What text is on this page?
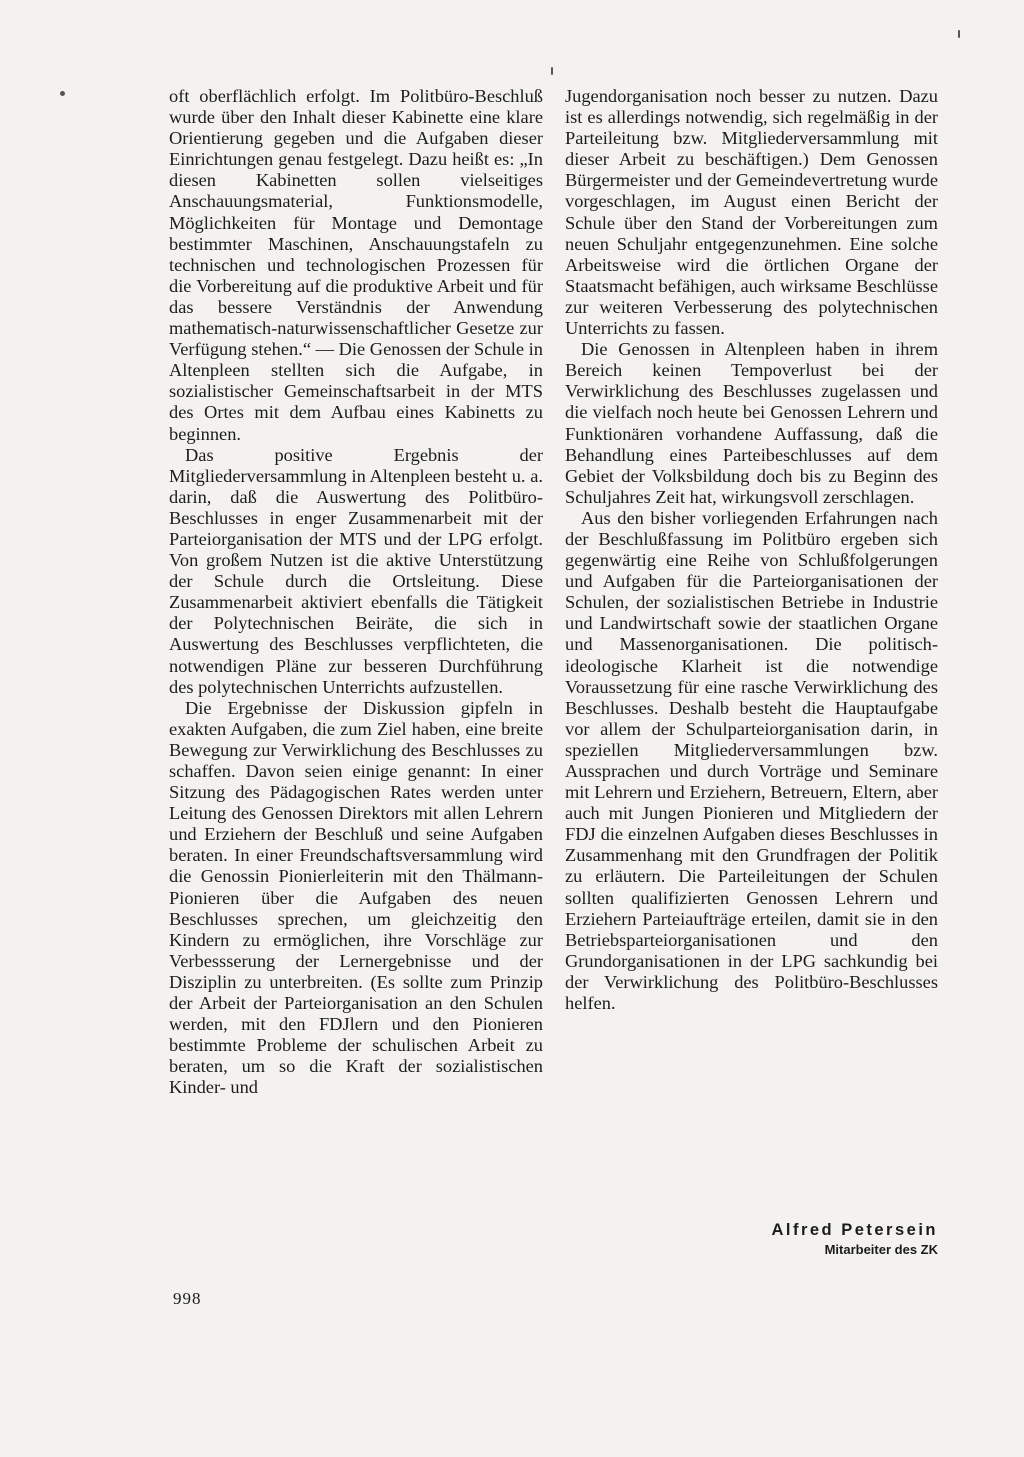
oft oberflächlich erfolgt. Im Politbüro-Beschluß wurde über den Inhalt dieser Kabinette eine klare Orientierung gegeben und die Aufgaben dieser Einrichtungen genau festgelegt. Dazu heißt es: „In diesen Kabinetten sollen vielseitiges Anschauungsmaterial, Funktionsmodelle, Möglichkeiten für Montage und Demontage bestimmter Maschinen, Anschauungstafeln zu technischen und technologischen Prozessen für die Vorbereitung auf die produktive Arbeit und für das bessere Verständnis der Anwendung mathematisch-naturwissenschaftlicher Gesetze zur Verfügung stehen.“ — Die Genossen der Schule in Altenpleen stellten sich die Aufgabe, in sozialistischer Gemeinschaftsarbeit in der MTS des Ortes mit dem Aufbau eines Kabinetts zu beginnen.

Das positive Ergebnis der Mitgliederversammlung in Altenpleen besteht u. a. darin, daß die Auswertung des Politbüro-Beschlusses in enger Zusammenarbeit mit der Parteiorganisation der MTS und der LPG erfolgt. Von großem Nutzen ist die aktive Unterstützung der Schule durch die Ortsleitung. Diese Zusammenarbeit aktiviert ebenfalls die Tätigkeit der Polytechnischen Beiräte, die sich in Auswertung des Beschlusses verpflichteten, die notwendigen Pläne zur besseren Durchführung des polytechnischen Unterrichts aufzustellen.

Die Ergebnisse der Diskussion gipfeln in exakten Aufgaben, die zum Ziel haben, eine breite Bewegung zur Verwirklichung des Beschlusses zu schaffen. Davon seien einige genannt: In einer Sitzung des Pädagogischen Rates werden unter Leitung des Genossen Direktors mit allen Lehrern und Erziehern der Beschluß und seine Aufgaben beraten. In einer Freundschaftsversammlung wird die Genossin Pionierleiterin mit den Thälmann-Pionieren über die Aufgaben des neuen Beschlusses sprechen, um gleichzeitig den Kindern zu ermöglichen, ihre Vorschläge zur Verbessserung der Lernergebnisse und der Disziplin zu unterbreiten. (Es sollte zum Prinzip der Arbeit der Parteiorganisation an den Schulen werden, mit den FDJlern und den Pionieren bestimmte Probleme der schulischen Arbeit zu beraten, um so die Kraft der sozialistischen Kinder- und

Jugendorganisation noch besser zu nutzen. Dazu ist es allerdings notwendig, sich regelmäßig in der Parteileitung bzw. Mitgliederversammlung mit dieser Arbeit zu beschäftigen.) Dem Genossen Bürgermeister und der Gemeindevertretung wurde vorgeschlagen, im August einen Bericht der Schule über den Stand der Vorbereitungen zum neuen Schuljahr entgegenzunehmen. Eine solche Arbeitsweise wird die örtlichen Organe der Staatsmacht befähigen, auch wirksame Beschlüsse zur weiteren Verbesserung des polytechnischen Unterrichts zu fassen.

Die Genossen in Altenpleen haben in ihrem Bereich keinen Tempoverlust bei der Verwirklichung des Beschlusses zugelassen und die vielfach noch heute bei Genossen Lehrern und Funktionären vorhandene Auffassung, daß die Behandlung eines Parteibeschlusses auf dem Gebiet der Volksbildung doch bis zu Beginn des Schuljahres Zeit hat, wirkungsvoll zerschlagen.

Aus den bisher vorliegenden Erfahrungen nach der Beschlußfassung im Politbüro ergeben sich gegenwärtig eine Reihe von Schlußfolgerungen und Aufgaben für die Parteiorganisationen der Schulen, der sozialistischen Betriebe in Industrie und Landwirtschaft sowie der staatlichen Organe und Massenorganisationen. Die politisch-ideologische Klarheit ist die notwendige Voraussetzung für eine rasche Verwirklichung des Beschlusses. Deshalb besteht die Hauptaufgabe vor allem der Schulparteiorganisation darin, in speziellen Mitgliederversammlungen bzw. Aussprachen und durch Vorträge und Seminare mit Lehrern und Erziehern, Betreuern, Eltern, aber auch mit Jungen Pionieren und Mitgliedern der FDJ die einzelnen Aufgaben dieses Beschlusses in Zusammenhang mit den Grundfragen der Politik zu erläutern. Die Parteileitungen der Schulen sollten qualifizierten Genossen Lehrern und Erziehern Parteiaufträge erteilen, damit sie in den Betriebsparteiorganisationen und den Grundorganisationen in der LPG sachkundig bei der Verwirklichung des Politbüro-Beschlusses helfen.

Alfred Petersein
Mitarbeiter des ZK
998
